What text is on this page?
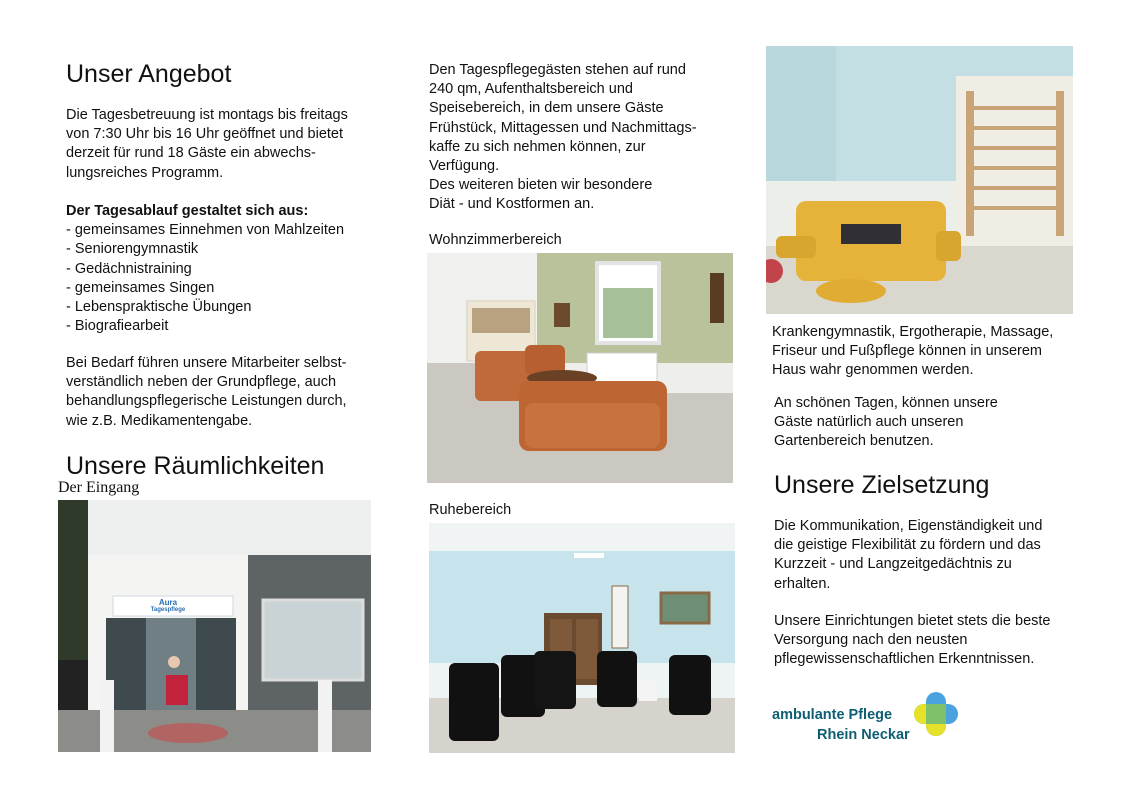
Unser Angebot
Die Tagesbetreuung ist montags bis freitags
von 7:30 Uhr bis 16 Uhr geöffnet und bietet
derzeit für rund 18 Gäste ein abwechs-
lungsreiches Programm.
Der Tagesablauf gestaltet sich aus:
- gemeinsames Einnehmen von Mahlzeiten
- Seniorengymnastik
- Gedächnistraining
- gemeinsames Singen
- Lebenspraktische Übungen
- Biografiearbeit
Bei Bedarf führen unsere Mitarbeiter selbst-
verständlich neben der Grundpflege, auch
behandlungspflegerische Leistungen durch,
wie z.B. Medikamentengabe.
Unsere Räumlichkeiten
Der Eingang
Aura
Tagespflege
Den Tagespflegegästen stehen auf rund
240 qm, Aufenthaltsbereich und
Speisebereich, in dem unsere Gäste
Frühstück, Mittagessen und Nachmittags-
kaffe zu sich nehmen können, zur
Verfügung.
Des weiteren bieten wir besondere
Diät - und Kostformen an.
Wohnzimmerbereich
Ruhebereich
Krankengymnastik, Ergotherapie, Massage,
Friseur und Fußpflege können in unserem
Haus wahr genommen werden.
An schönen Tagen, können unsere
Gäste natürlich auch unseren
Gartenbereich benutzen.
Unsere Zielsetzung
Die Kommunikation, Eigenständigkeit und
die geistige Flexibilität zu fördern und das
Kurzzeit - und Langzeitgedächtnis zu
erhalten.
Unsere Einrichtungen bietet stets die beste
Versorgung nach den neusten
pflegewissenschaftlichen Erkenntnissen.
ambulante Pflege
Rhein Neckar
